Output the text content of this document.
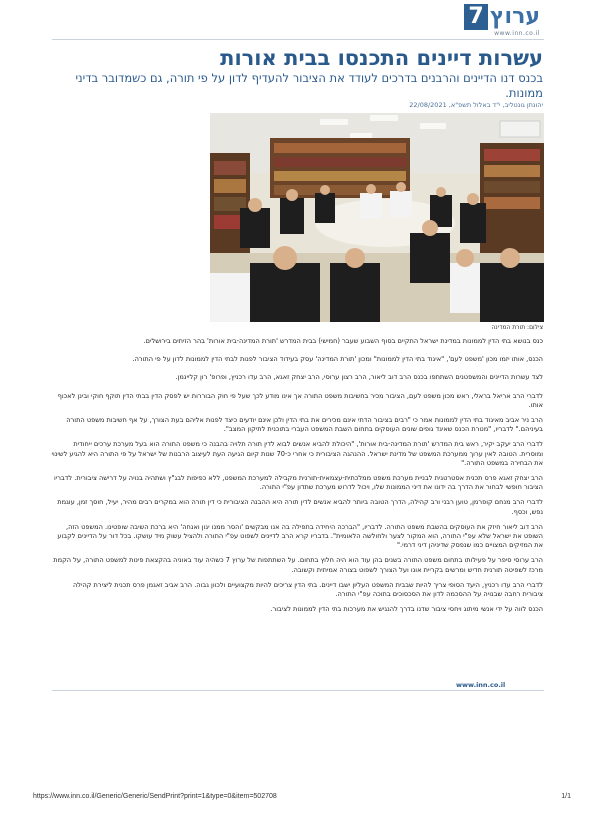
ערוץ
7
www.inn.co.il
עשרות דיינים התכנסו בבית אורות
בכנס דנו הדיינים והרבנים בדרכים לעודד את הציבור להעדיף לדון על פי תורה, גם כשמדובר בדיני ממונות.
יהונתן גונטליב, י"ד באלול תשפ"א, 22/08/2021
צילום: תורת המדינה

כנס בנושא בתי הדין לממונות במדינת ישראל התקיים בסוף השבוע שעבר (חמישי) בבית המדרש 'תורת המדינה-בית אורות' בהר הזיתים בירושלים.

הכנס, אותו יזמו מכון 'משפט לעם', "איגוד בתי הדין לממונות" ומכון 'תורת המדינה' עסק בעידוד הציבור לפנות לבתי הדין לממונות לדון על פי התורה.

לצד עשרות הדיינים והמשפטנים השתתפו בכנס הרב דוב ליאור, הרב רצון ערוסי, הרב יצחק זאגא, הרב עדו רכניץ, ופרופ' רון קליינמן.

לדברי הרב אריאל בראלי, ראש מכון משפט לעם, הציבור מכיר בחשיבות משפט התורה אך אינו מודע לכך שעל פי חוק הבוררות יש לפסק הדין בבתי הדין תוקף חוקי ובינן לאכוף אותו.

הרב ניר אביב מאיגוד בתי הדין לממונות אמר כי "רבים בציבור הדתי אינם מכירים את בתי הדין ולכן אינם יודעים כיצד לפנות אליהם בעת הצורך, על אף חשיבות משפט התורה בעיניהם." לדבריו, "מטרת הכנס שאיגד גופים שונים העוסקים בתחום השבת המשפט העברי בתוכנית לתיקון המצב".

לדברי הרב יעקב יקיר, ראש בית המדרש 'תורת המדינה-בית אורות', "היכולת להביא אנשים לבוא לדין תורה תלויה בהבנה כי משפט התורה הוא בעל מערכת ערכים ייחודית ומוסרית. הטובה לאין ערוך ממערכת המשפט של מדינת ישראל. ההנהגה הציבורית כי אחרי כ-70 שנות קיום הגיעה העת לעיצוב הרבנות של ישראל על פי התורה היא להגיע לשינוי את הבחירה במשפט התורה."

הרב יצחק זאגא פרס תכנית אסטרטגית לבניית מערכת משפט ממלכתית-עצמאית-תורנית מקבילה למערכת המשפט, ללא כפיפות לבג"ץ ושתהיה בנויה על דרישה ציבורית. לדבריו הציבור חופשי לבחור את הדרך בה ידונו את דיני הממונות שלו, ויכול לדרוש מערכת שתדון עפ"י התורה.

לדברי הרב מנחם קופרמן, טוען רבני ורב קהילה, הדרך הטובה ביותר להביא אנשים לדין תורה היא ההבנה הציבורית כי דין תורה הוא במקרים רבים מהיר, יעיל, חוסך זמן, עוגמת נפש, וכסף.

הרב דוב ליאור חיזק את העוסקים בהשבת משפט התורה. לדבריו, "הברכה היחידה בתפילה בה אנו מבקשים 'והסר ממנו יגון ואנחה' היא ברכת השיבה שופטינו. המשפט הזה, השופט את ישראל שלא עפ"י התורה, הוא המקור לצער ולחולשה הלאומית". בדבריו קרא הרב לדיינים לשפוט עפ"י התורה ולהציל עשוק מיד עושקו. בכל דור על הדיינים לקבוע את המזיקים המצויים כמו שנפסק שדיניהן דיני דרמי."

הרב ערוסי סיפר על פעילותו בתחום משפט התורה בשנים בהן עוד הוא היה חלוץ בתחום. על השתתפות של ערוץ 7 כשהיה עוד באוניה בהקצאת פינות למשפט התורה, על הקמת מרכז לשפיטה תורנית חדיש ומרשים בקריית אונו ועל הצורך לשפוט בצורה אמיתית וקשובה.

לדברי הרב עדו רכניץ, היעד הסופי צריך להיות שבבית המשפט העליון ישבו דיינים. בתי הדין צריכים להיות מקצועיים ולכוון גבוה. הרב אביב זאגמן פרס תכנית ליצירת קהילה ציבורית רחבה שבנויה על ההסכמה לדון את הסכסוכים בתוכה עפ"י התורה.

הכנס לווה על ידי אנשי מיתוג ויחסי ציבור שדנו בדרך להנגיש את מערכות בתי הדין לממונות לציבור.

www.inn.co.il
https://www.inn.co.il/Generic/Generic/SendPrint?print=1&type=0&item=502708	1/1
